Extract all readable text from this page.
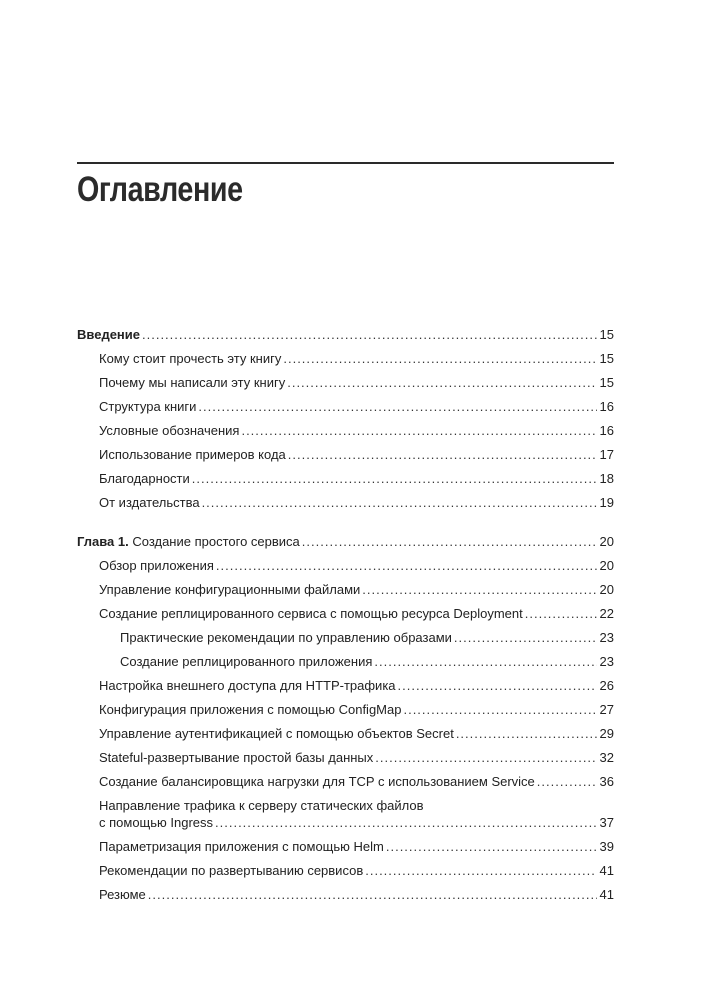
Оглавление
Введение .....	15
Кому стоит прочесть эту книгу .....	15
Почему мы написали эту книгу .....	15
Структура книги .....	16
Условные обозначения .....	16
Использование примеров кода .....	17
Благодарности .....	18
От издательства .....	19
Глава 1. Создание простого сервиса .....	20
Обзор приложения .....	20
Управление конфигурационными файлами .....	20
Создание реплицированного сервиса с помощью ресурса Deployment .....	22
Практические рекомендации по управлению образами .....	23
Создание реплицированного приложения .....	23
Настройка внешнего доступа для HTTP-трафика .....	26
Конфигурация приложения с помощью ConfigMap .....	27
Управление аутентификацией с помощью объектов Secret .....	29
Stateful-развертывание простой базы данных .....	32
Создание балансировщика нагрузки для TCP с использованием Service .....	36
Направление трафика к серверу статических файлов
с помощью Ingress .....	37
Параметризация приложения с помощью Helm .....	39
Рекомендации по развертыванию сервисов .....	41
Резюме .....	41
